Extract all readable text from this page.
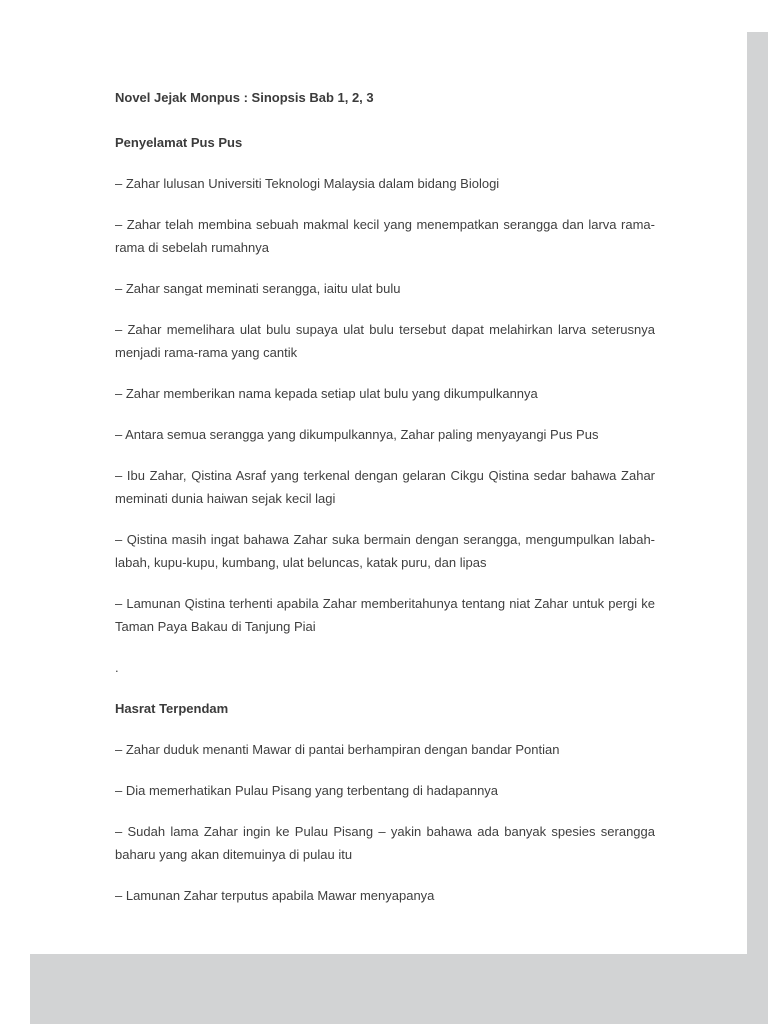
Novel Jejak Monpus : Sinopsis Bab 1, 2, 3

Penyelamat Pus Pus

– Zahar lulusan Universiti Teknologi Malaysia dalam bidang Biologi

– Zahar telah membina sebuah makmal kecil yang menempatkan serangga dan larva rama-rama di sebelah rumahnya

– Zahar sangat meminati serangga, iaitu ulat bulu

– Zahar memelihara ulat bulu supaya ulat bulu tersebut dapat melahirkan larva seterusnya menjadi rama-rama yang cantik

– Zahar memberikan nama kepada setiap ulat bulu yang dikumpulkannya

– Antara semua serangga yang dikumpulkannya, Zahar paling menyayangi Pus Pus

– Ibu Zahar, Qistina Asraf yang terkenal dengan gelaran Cikgu Qistina sedar bahawa Zahar meminati dunia haiwan sejak kecil lagi

– Qistina masih ingat bahawa Zahar suka bermain dengan serangga, mengumpulkan labah-labah, kupu-kupu, kumbang, ulat beluncas, katak puru, dan lipas

– Lamunan Qistina terhenti apabila Zahar memberitahunya tentang niat Zahar untuk pergi ke Taman Paya Bakau di Tanjung Piai

.

Hasrat Terpendam

– Zahar duduk menanti Mawar di pantai berhampiran dengan bandar Pontian

– Dia memerhatikan Pulau Pisang yang terbentang di hadapannya

– Sudah lama Zahar ingin ke Pulau Pisang – yakin bahawa ada banyak spesies serangga baharu yang akan ditemuinya di pulau itu

– Lamunan Zahar terputus apabila Mawar menyapanya
